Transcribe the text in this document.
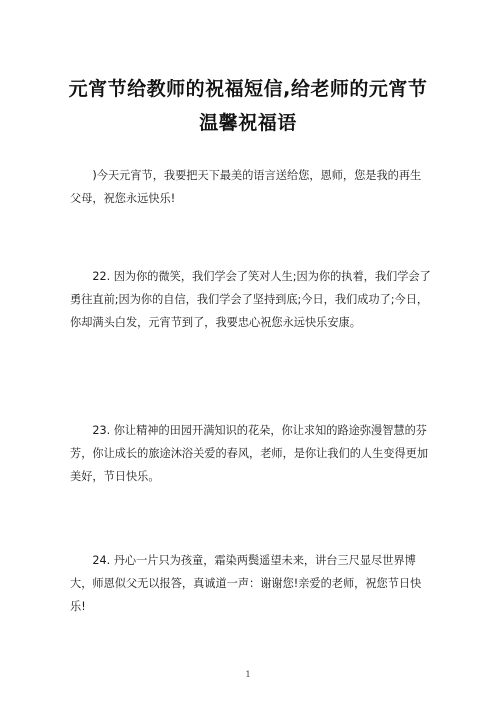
元宵节给教师的祝福短信,给老师的元宵节
温馨祝福语

)今天元宵节，我要把天下最美的语言送给您，恩师，您是我的再生父母，祝您永远快乐!

22. 因为你的微笑，我们学会了笑对人生;因为你的执着，我们学会了勇往直前;因为你的自信，我们学会了坚持到底;今日，我们成功了;今日，你却满头白发，元宵节到了，我要忠心祝您永远快乐安康。

23. 你让精神的田园开满知识的花朵，你让求知的路途弥漫智慧的芬芳，你让成长的旅途沐浴关爱的春风，老师，是你让我们的人生变得更加美好，节日快乐。

24. 丹心一片只为孩童，霜染两鬓遥望未来，讲台三尺显尽世界博大，师恩似父无以报答，真诚道一声：谢谢您!亲爱的老师，祝您节日快乐!

1
